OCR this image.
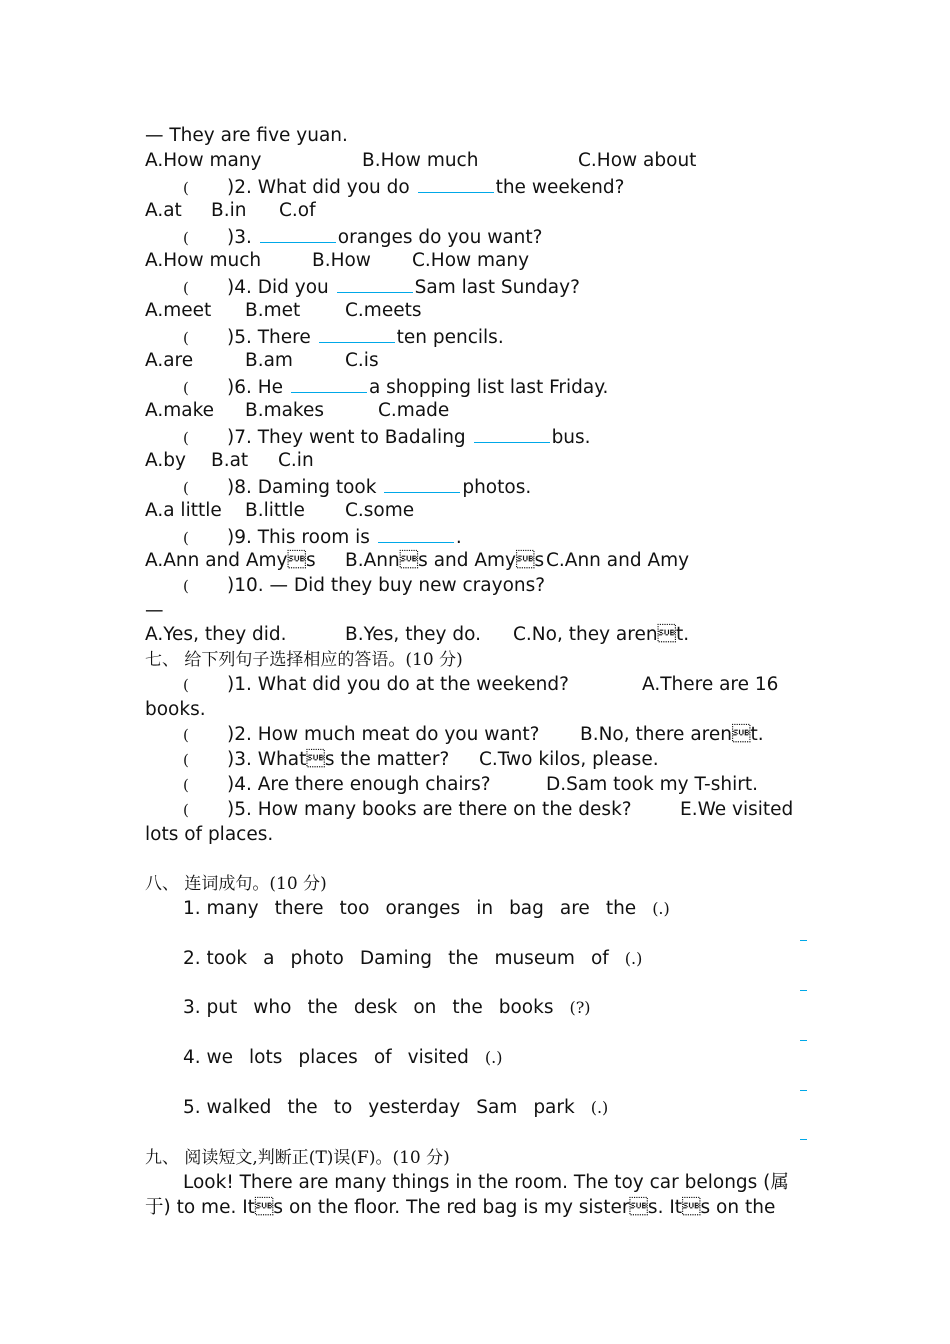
— They are five yuan.
A.How many	B.How much	C.How about
( )2. What did you do	the weekend?
A.at B.in C.of
( )3.	oranges do you want?
A.How much	B.How C.How many
( )4. Did you	Sam last Sunday?
A.meet B.met C.meets
( )5. There	ten pencils.
A.are	B.am	C.is
( )6. He	a shopping list last Friday.
A.make B.makes	C.made
( )7. They went to Badaling	bus.
A.by B.at C.in
( )8. Daming took	photos.
A.a little B.little C.some
( )9. This room is	.
A.Ann and Amys B.Anns and AmysC.Ann and Amy
( )10. — Did they buy new crayons?
—
A.Yes, they did.	B.Yes, they do. C.No, they arent.
七、 给下列句子选择相应的答语。(10 分)
( )1. What did you do at the weekend?	A.There are 16
books.
( )2. How much meat do you want? B.No, there arent.
( )3. Whats the matter? C.Two kilos, please.
( )4. Are there enough chairs?	D.Sam took my T-shirt.
( )5. How many books are there on the desk?	E.We visited
lots of places.
八、 连词成句。(10 分)
1. many there too oranges in bag are the (.)
2. took a photo Daming the museum of (.)
3. put who the desk on the books (?)
4. we lots places of visited (.)
5. walked the to yesterday Sam park (.)
九、 阅读短文,判断正(T)误(F)。(10 分)
Look! There are many things in the room. The toy car belongs (属
于) to me. Its on the floor. The red bag is my sisters. Its on the
